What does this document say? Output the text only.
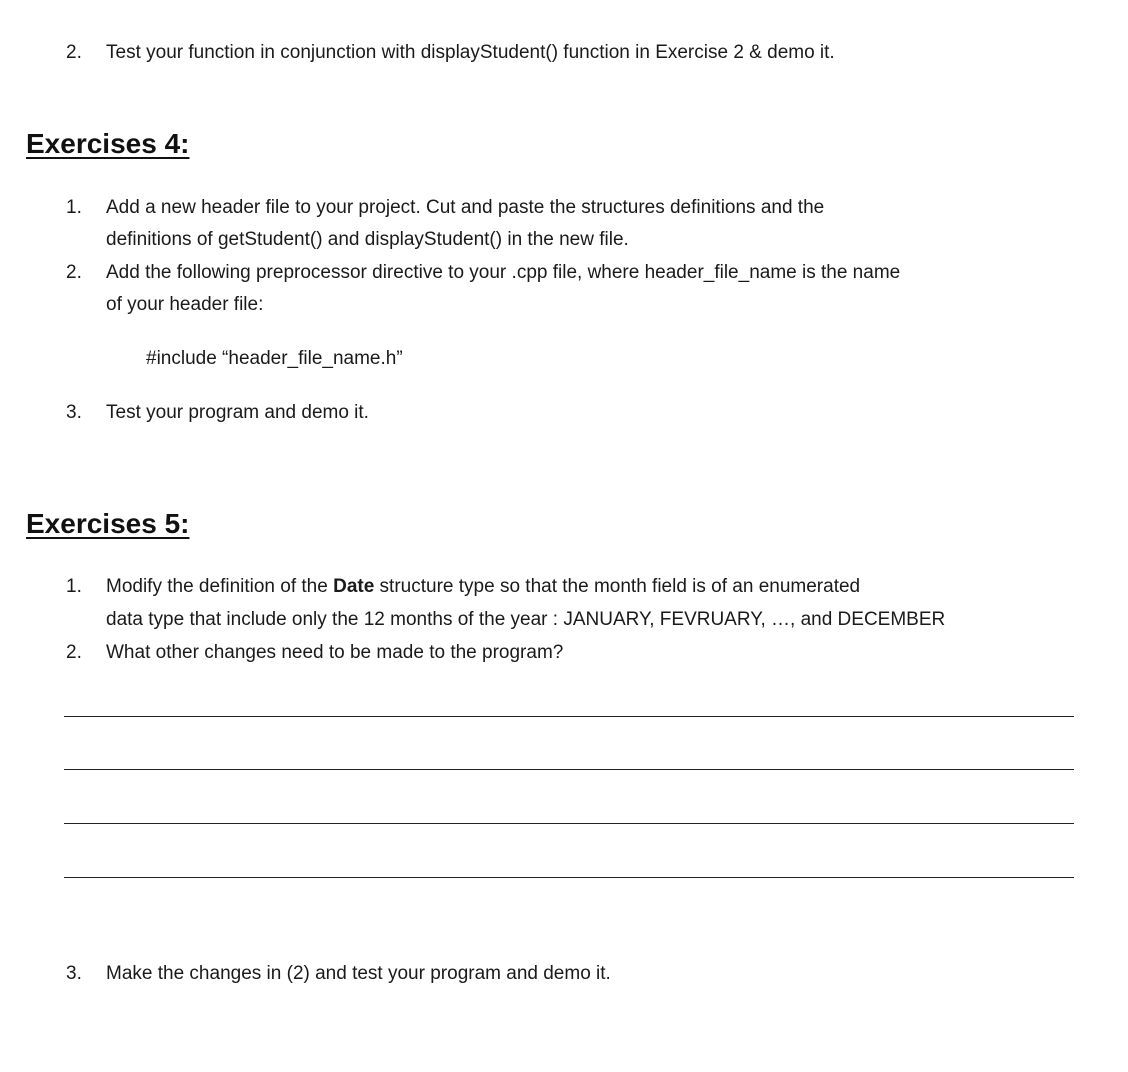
2. Test your function in conjunction with displayStudent() function in Exercise 2 & demo it.
Exercises 4:
1. Add a new header file to your project. Cut and paste the structures definitions and the
definitions of getStudent() and displayStudent() in the new file.
2. Add the following preprocessor directive to your .cpp file, where header_file_name is the name
of your header file:
#include “header_file_name.h”
3. Test your program and demo it.
Exercises 5:
1. Modify the definition of the Date structure type so that the month field is of an enumerated
data type that include only the 12 months of the year : JANUARY, FEVRUARY, …, and DECEMBER
2. What other changes need to be made to the program?
3. Make the changes in (2) and test your program and demo it.
